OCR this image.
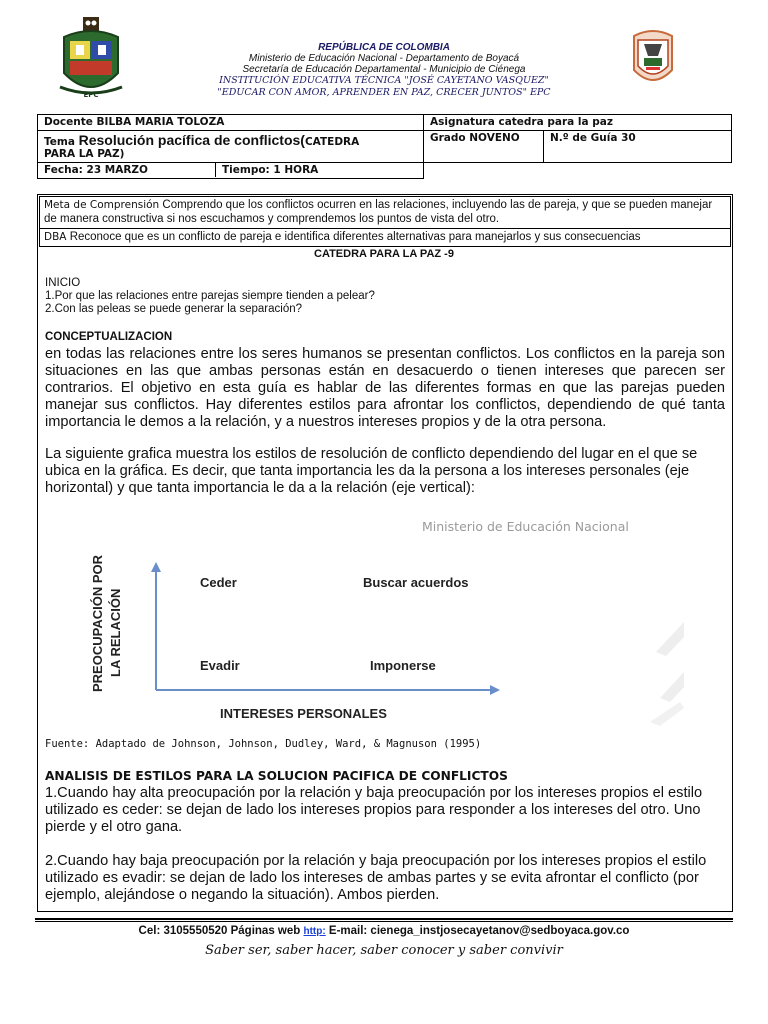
EPC
REPÚBLICA DE COLOMBIA
Ministerio de Educación Nacional - Departamento de Boyacá
Secretaría de Educación Departamental - Municipio de Ciénega
INSTITUCIÓN EDUCATIVA TÉCNICA "JOSÉ CAYETANO VASQUEZ"
"EDUCAR CON AMOR, APRENDER EN PAZ, CRECER JUNTOS" EPC
Docente BILBA MARIA TOLOZA	Asignatura catedra para la paz	
Tema Resolución pacífica de conflictos(CATEDRA
PARA LA PAZ)	Grado NOVENO	N.º de Guía 30

Fecha: 23 MARZO Tiempo: 1 HORA		

Meta de Comprensión Comprendo que los conflictos ocurren en las relaciones, incluyendo las de pareja, y que se pueden manejar de manera constructiva si nos escuchamos y comprendemos los puntos de vista del otro.
DBA Reconoce que es un conflicto de pareja e identifica diferentes alternativas para manejarlos y sus consecuencias
CATEDRA PARA LA PAZ -9
INICIO
1.Por que las relaciones entre parejas siempre tienden a pelear?
2.Con las peleas se puede generar la separación?
CONCEPTUALIZACION
en todas las relaciones entre los seres humanos se presentan conflictos. Los conflictos en la pareja son situaciones en las que ambas personas están en desacuerdo o tienen intereses que parecen ser contrarios. El objetivo en esta guía es hablar de las diferentes formas en que las parejas pueden manejar sus conflictos. Hay diferentes estilos para afrontar los conflictos, dependiendo de qué tanta importancia le demos a la relación, y a nuestros intereses propios y de la otra persona.
La siguiente grafica muestra los estilos de resolución de conflicto dependiendo del lugar en el que se ubica en la gráfica. Es decir, que tanta importancia les da la persona a los intereses personales (eje horizontal) y que tanta importancia le da a la relación (eje vertical):
Ministerio de Educación Nacional
PREOCUPACIÓN POR LA RELACIÓN
INTERESES PERSONALES
Ceder	Buscar acuerdos
Evadir	Imponerse
Fuente: Adaptado de Johnson, Johnson, Dudley, Ward, & Magnuson (1995)
ANALISIS DE ESTILOS PARA LA SOLUCION PACIFICA DE CONFLICTOS
1.Cuando hay alta preocupación por la relación y baja preocupación por los intereses propios el estilo utilizado es ceder: se dejan de lado los intereses propios para responder a los intereses del otro. Uno pierde y el otro gana.
2.Cuando hay baja preocupación por la relación y baja preocupación por los intereses propios el estilo utilizado es evadir: se dejan de lado los intereses de ambas partes y se evita afrontar el conflicto (por ejemplo, alejándose o negando la situación). Ambos pierden.
Cel: 3105550520 Páginas web http: E-mail: cienega_instjosecayetanov@sedboyaca.gov.co
Saber ser, saber hacer, saber conocer y saber convivir
